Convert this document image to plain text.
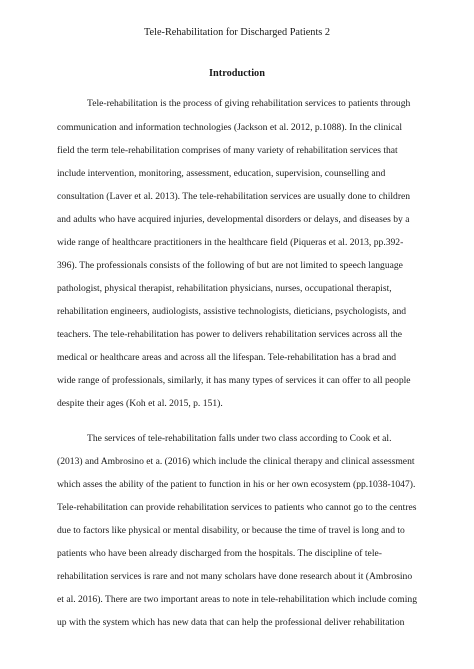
Tele-Rehabilitation for Discharged Patients 2
Introduction
Tele-rehabilitation is the process of giving rehabilitation services to patients through
communication and information technologies (Jackson et al. 2012, p.1088). In the clinical
field the term tele-rehabilitation comprises of many variety of rehabilitation services that
include intervention, monitoring, assessment, education, supervision, counselling and
consultation (Laver et al. 2013). The tele-rehabilitation services are usually done to children
and adults who have acquired injuries, developmental disorders or delays, and diseases by a
wide range of healthcare practitioners in the healthcare field (Piqueras et al. 2013, pp.392-
396). The professionals consists of the following of but are not limited to speech language
pathologist, physical therapist, rehabilitation physicians, nurses, occupational therapist,
rehabilitation engineers, audiologists, assistive technologists, dieticians, psychologists, and
teachers. The tele-rehabilitation has power to delivers rehabilitation services across all the
medical or healthcare areas and across all the lifespan. Tele-rehabilitation has a brad and
wide range of professionals, similarly, it has many types of services it can offer to all people
despite their ages (Koh et al. 2015, p. 151).
The services of tele-rehabilitation falls under two class according to Cook et al.
(2013) and Ambrosino et a. (2016) which include the clinical therapy and clinical assessment
which asses the ability of the patient to function in his or her own ecosystem (pp.1038-1047).
Tele-rehabilitation can provide rehabilitation services to patients who cannot go to the centres
due to factors like physical or mental disability, or because the time of travel is long and to
patients who have been already discharged from the hospitals. The discipline of tele-
rehabilitation services is rare and not many scholars have done research about it (Ambrosino
et al. 2016). There are two important areas to note in tele-rehabilitation which include coming
up with the system which has new data that can help the professional deliver rehabilitation
